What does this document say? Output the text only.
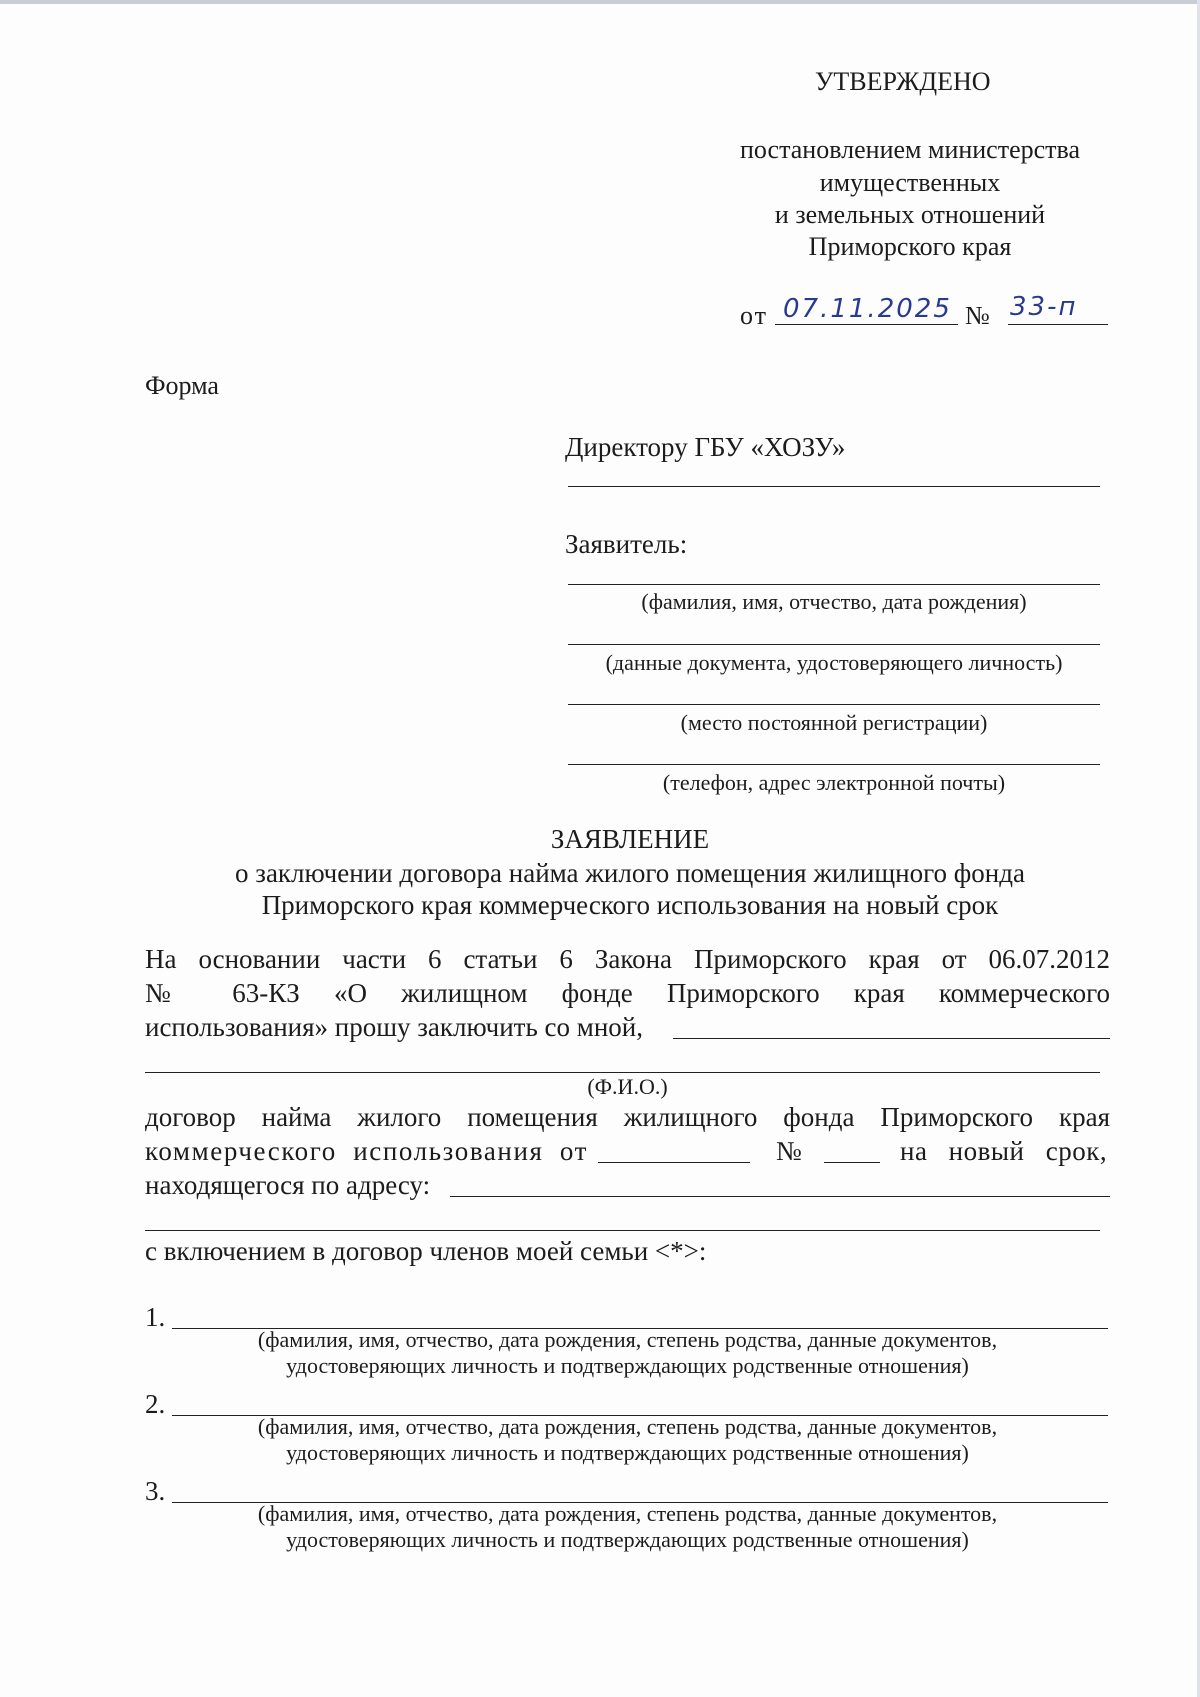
УТВЕРЖДЕНО
постановлением министерства
имущественных
и земельных отношений
Приморского края
от 07.11.2025 № 33-п
Форма
Директору ГБУ «ХОЗУ»
Заявитель:
(фамилия, имя, отчество, дата рождения)
(данные документа, удостоверяющего личность)
(место постоянной регистрации)
(телефон, адрес электронной почты)
ЗАЯВЛЕНИЕ
о заключении договора найма жилого помещения жилищного фонда
Приморского края коммерческого использования на новый срок
На основании части 6 статьи 6 Закона Приморского края от 06.07.2012
№ 63-КЗ «О жилищном фонде Приморского края коммерческого
использования» прошу заключить со мной,
(Ф.И.О.)
договор найма жилого помещения жилищного фонда Приморского края
коммерческого использования от	№	на новый срок,
находящегося по адресу:
с включением в договор членов моей семьи <*>:
1.
(фамилия, имя, отчество, дата рождения, степень родства, данные документов,
удостоверяющих личность и подтверждающих родственные отношения)
2.
(фамилия, имя, отчество, дата рождения, степень родства, данные документов,
удостоверяющих личность и подтверждающих родственные отношения)
3.
(фамилия, имя, отчество, дата рождения, степень родства, данные документов,
удостоверяющих личность и подтверждающих родственные отношения)
